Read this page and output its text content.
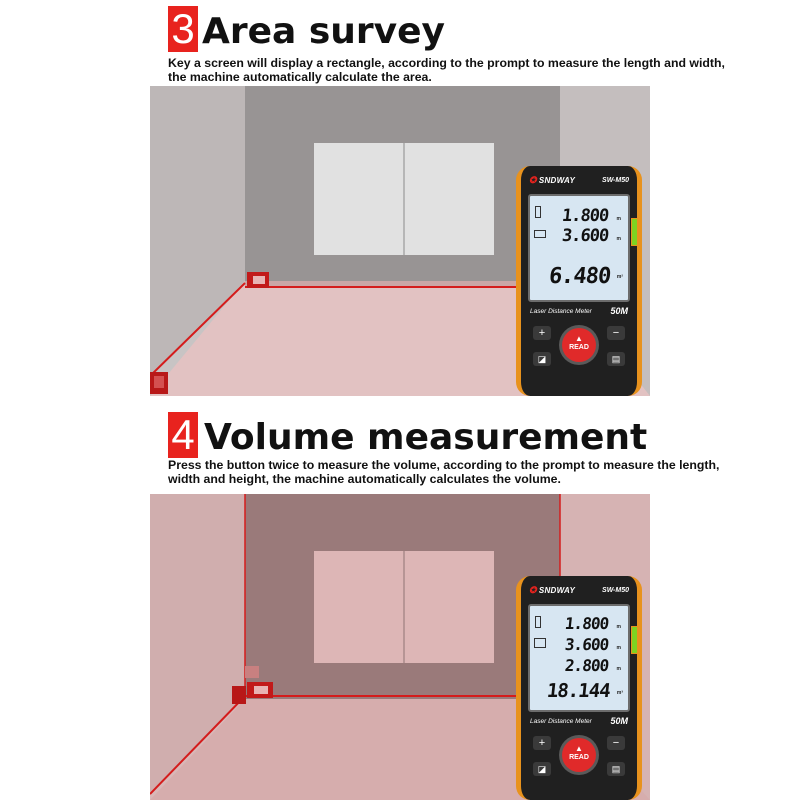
3 Area survey
Key a screen will display a rectangle, according to the prompt to measure the length and width,
the machine automatically calculate the area.
✪ SNDWAY	SW-M50
1.800 m
3.600 m
6.480 m²
Laser Distance Meter 50M
+	−
▲
READ
◪	▤
4 Volume measurement
Press the button twice to measure the volume, according to the prompt to measure the length,
width and height, the machine automatically calculates the volume.
✪ SNDWAY	SW-M50
1.800 m
3.600 m
2.800 m
18.144 m³
Laser Distance Meter 50M
+	−
▲
READ
◪	▤
